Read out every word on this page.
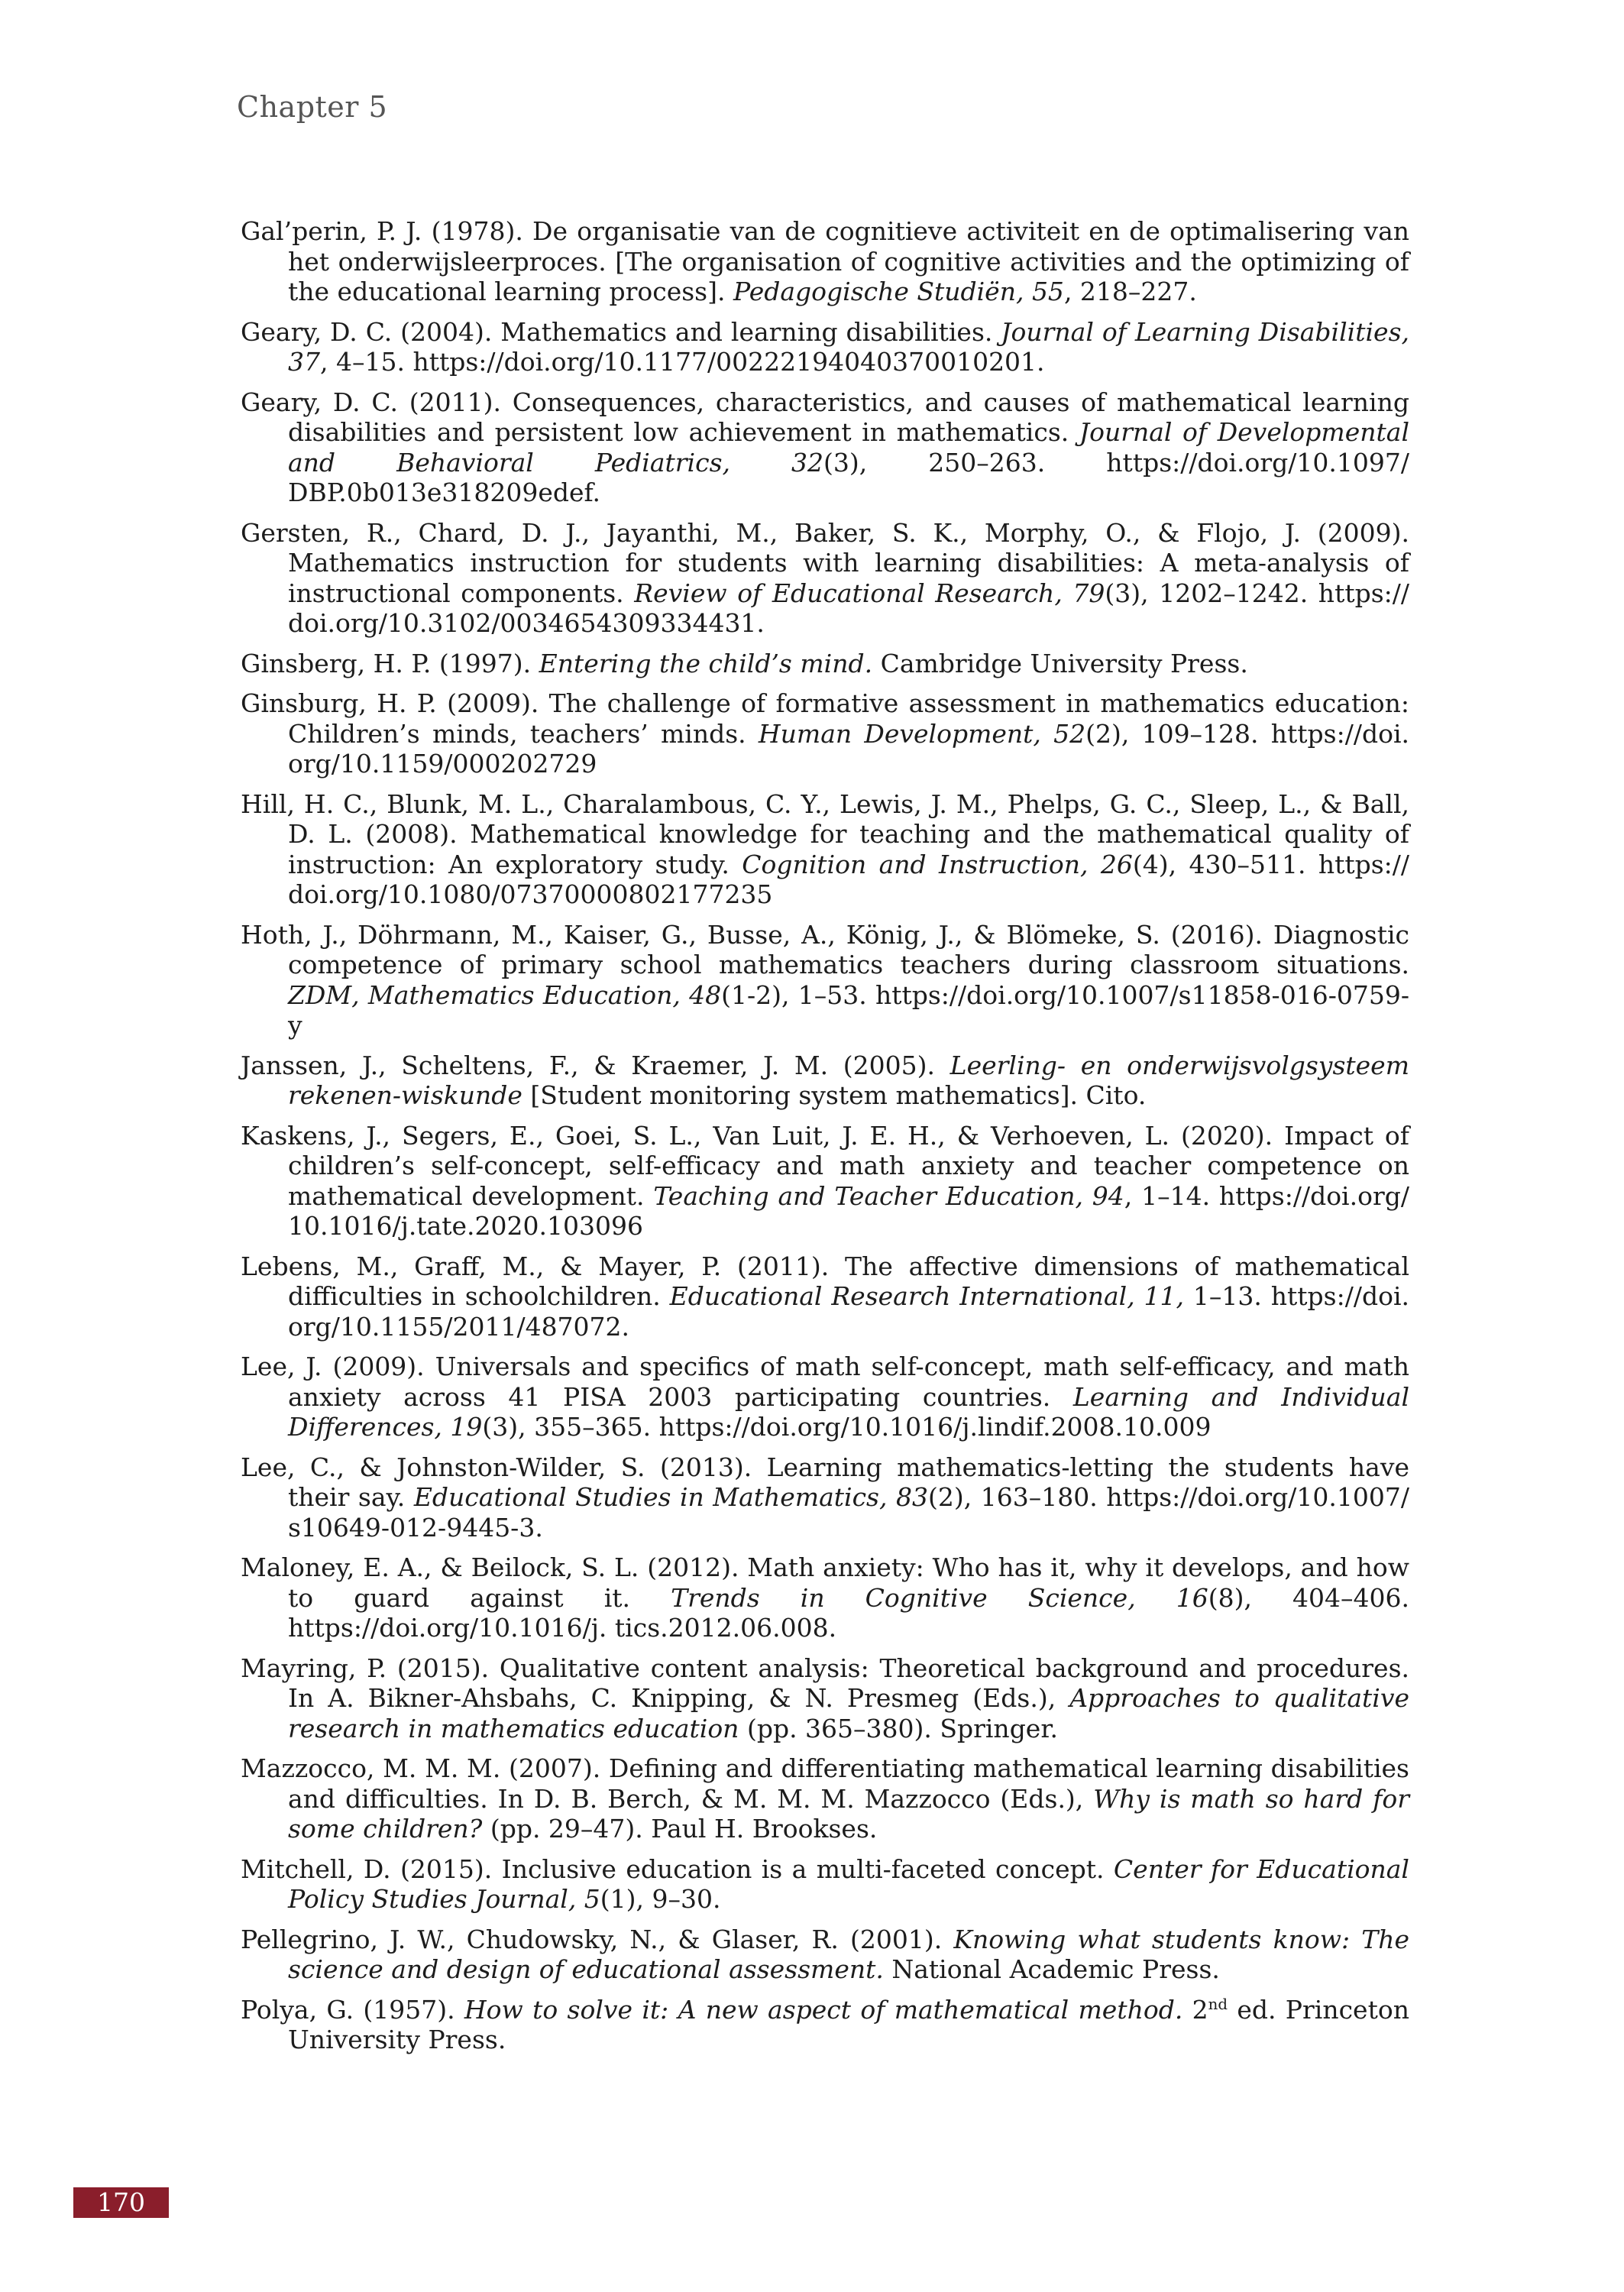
Chapter 5
Gal’perin, P. J. (1978). De organisatie van de cognitieve activiteit en de optimalisering van het onderwijsleerproces. [The organisation of cognitive activities and the optimizing of the educational learning process]. Pedagogische Studiën, 55, 218–227.
Geary, D. C. (2004). Mathematics and learning disabilities. Journal of Learning Disabilities, 37, 4–15. https://doi.org/10.1177/00222194040370010201.
Geary, D. C. (2011). Consequences, characteristics, and causes of mathematical learning disabilities and persistent low achievement in mathematics. Journal of Developmental and Behavioral Pediatrics, 32(3), 250–263. https://doi.org/10.1097/ DBP.0b013e318209edef.
Gersten, R., Chard, D. J., Jayanthi, M., Baker, S. K., Morphy, O., & Flojo, J. (2009). Mathematics instruction for students with learning disabilities: A meta-analysis of instructional components. Review of Educational Research, 79(3), 1202–1242. https:// doi.org/10.3102/0034654309334431.
Ginsberg, H. P. (1997). Entering the child’s mind. Cambridge University Press.
Ginsburg, H. P. (2009). The challenge of formative assessment in mathematics education: Children’s minds, teachers’ minds. Human Development, 52(2), 109–128. https://doi. org/10.1159/000202729
Hill, H. C., Blunk, M. L., Charalambous, C. Y., Lewis, J. M., Phelps, G. C., Sleep, L., & Ball, D. L. (2008). Mathematical knowledge for teaching and the mathematical quality of instruction: An exploratory study. Cognition and Instruction, 26(4), 430–511. https:// doi.org/10.1080/07370000802177235
Hoth, J., Döhrmann, M., Kaiser, G., Busse, A., König, J., & Blömeke, S. (2016). Diagnostic competence of primary school mathematics teachers during classroom situations. ZDM, Mathematics Education, 48(1-2), 1–53. https://doi.org/10.1007/s11858-016-0759-y
Janssen, J., Scheltens, F., & Kraemer, J. M. (2005). Leerling- en onderwijsvolgsysteem rekenen-wiskunde [Student monitoring system mathematics]. Cito.
Kaskens, J., Segers, E., Goei, S. L., Van Luit, J. E. H., & Verhoeven, L. (2020). Impact of children’s self-concept, self-efficacy and math anxiety and teacher competence on mathematical development. Teaching and Teacher Education, 94, 1–14. https://doi.org/ 10.1016/j.tate.2020.103096
Lebens, M., Graff, M., & Mayer, P. (2011). The affective dimensions of mathematical difficulties in schoolchildren. Educational Research International, 11, 1–13. https://doi. org/10.1155/2011/487072.
Lee, J. (2009). Universals and specifics of math self-concept, math self-efficacy, and math anxiety across 41 PISA 2003 participating countries. Learning and Individual Differences, 19(3), 355–365. https://doi.org/10.1016/j.lindif.2008.10.009
Lee, C., & Johnston-Wilder, S. (2013). Learning mathematics-letting the students have their say. Educational Studies in Mathematics, 83(2), 163–180. https://doi.org/10.1007/ s10649-012-9445-3.
Maloney, E. A., & Beilock, S. L. (2012). Math anxiety: Who has it, why it develops, and how to guard against it. Trends in Cognitive Science, 16(8), 404–406. https://doi.org/10.1016/j. tics.2012.06.008.
Mayring, P. (2015). Qualitative content analysis: Theoretical background and procedures. In A. Bikner-Ahsbahs, C. Knipping, & N. Presmeg (Eds.), Approaches to qualitative research in mathematics education (pp. 365–380). Springer.
Mazzocco, M. M. M. (2007). Defining and differentiating mathematical learning disabilities and difficulties. In D. B. Berch, & M. M. M. Mazzocco (Eds.), Why is math so hard for some children? (pp. 29–47). Paul H. Brookses.
Mitchell, D. (2015). Inclusive education is a multi-faceted concept. Center for Educational Policy Studies Journal, 5(1), 9–30.
Pellegrino, J. W., Chudowsky, N., & Glaser, R. (2001). Knowing what students know: The science and design of educational assessment. National Academic Press.
Polya, G. (1957). How to solve it: A new aspect of mathematical method. 2nd ed. Princeton University Press.
170
